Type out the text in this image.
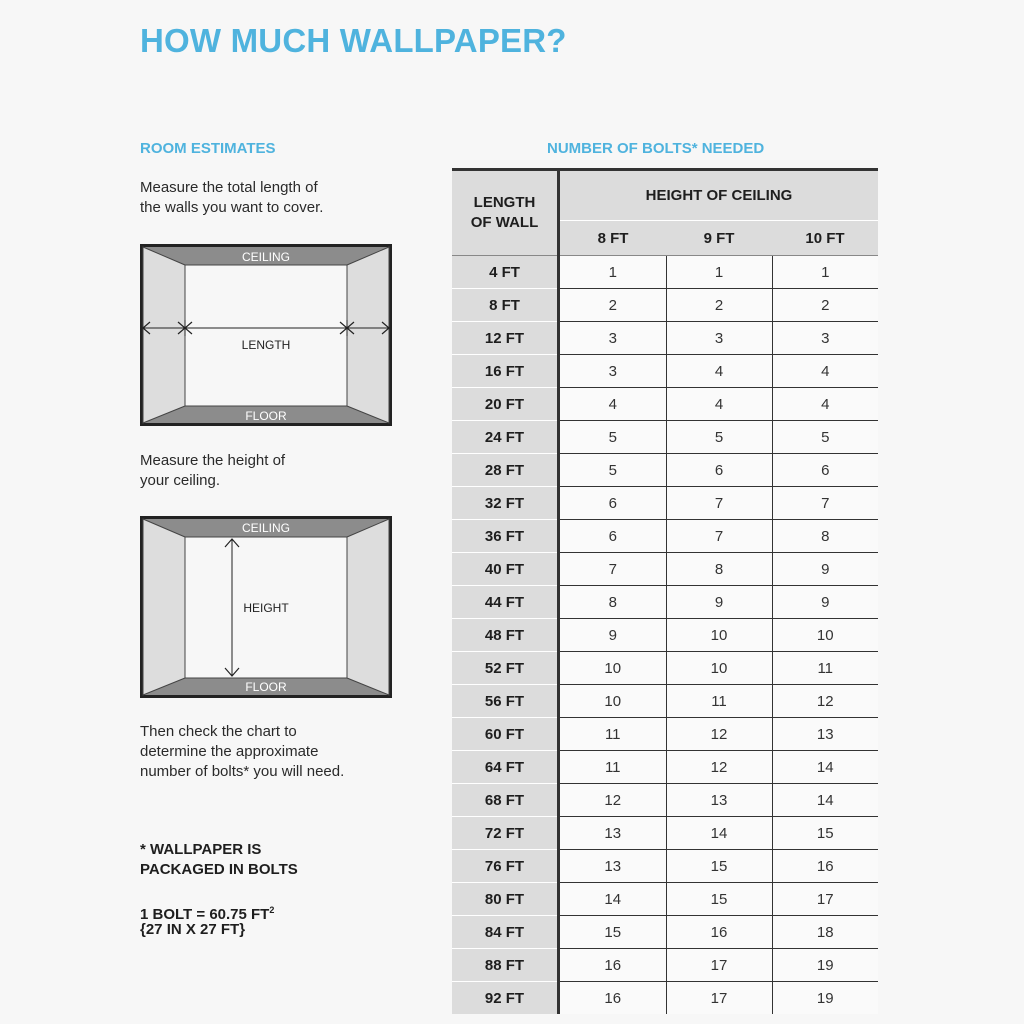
HOW MUCH WALLPAPER?
ROOM ESTIMATES	NUMBER OF BOLTS* NEEDED
Measure the total length of
the walls you want to cover.
CEILING
FLOOR
LENGTH
Measure the height of
your ceiling.
CEILING
FLOOR
HEIGHT
Then check the chart to
determine the approximate
number of bolts* you will need.
* WALLPAPER IS
PACKAGED IN BOLTS
1 BOLT = 60.75 $FT^2$
{27 IN X 27 FT}
LENGTH
OF WALL	HEIGHT OF CEILING		
	8 FT	9 FT	10 FT
4 FT	1	1	1
8 FT	2	2	2
12 FT	3	3	3
16 FT	3	4	4
20 FT	4	4	4
24 FT	5	5	5
28 FT	5	6	6
32 FT	6	7	7
36 FT	6	7	8
40 FT	7	8	9
44 FT	8	9	9
48 FT	9	10	10
52 FT	10	10	11
56 FT	10	11	12
60 FT	11	12	13
64 FT	11	12	14
68 FT	12	13	14
72 FT	13	14	15
76 FT	13	15	16
80 FT	14	15	17
84 FT	15	16	18
88 FT	16	17	19
92 FT	16	17	19
